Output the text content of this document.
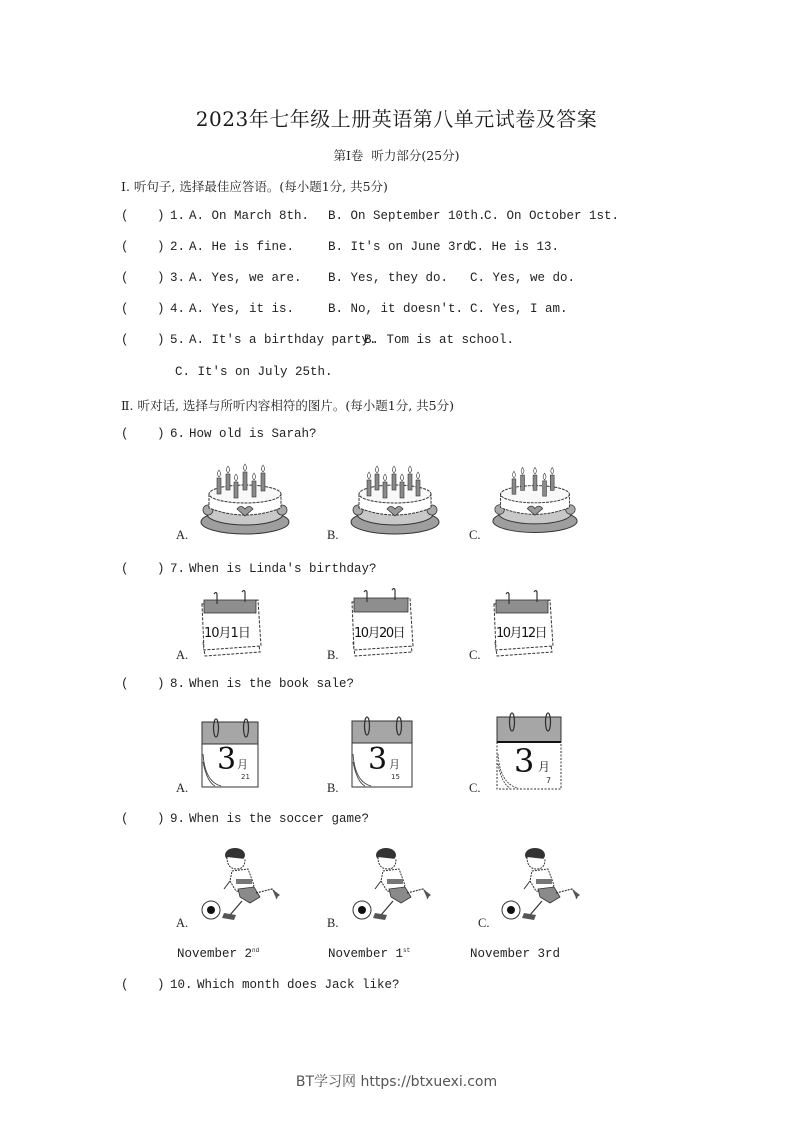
2023年七年级上册英语第八单元试卷及答案
第Ⅰ卷  听力部分(25分)
Ⅰ. 听句子, 选择最佳应答语。(每小题1分, 共5分)
( ) 1. A. On March 8th. B. On September 10th.
C. On October 1st.
( ) 2. A. He is fine.	B. It's on June 3rd.
C. He is 13.
( ) 3. A. Yes, we are. B. Yes, they do. C. Yes, we do.
( ) 4. A. Yes, it is.	B. No, it doesn't. C. Yes, I am.
( ) 5. A. It's a birthday party.
B. Tom is at school.
C. It's on July 25th.
Ⅱ. 听对话, 选择与所听内容相符的图片。(每小题1分, 共5分)
( ) 6. How old is Sarah?
A.	B.	C.
( ) 7. When is Linda's birthday?
A.
10月1日
B.
10月20日
C.
10月12日
( ) 8. When is the book sale?
A.
3 月
21
B.
3 月
15
C.
3 月
7
( ) 9. When is the soccer game?
A.	B.	C.
November 2nd	November 1st	November 3rd
( ) 10. Which month does Jack like?
BT学习网 https://btxuexi.com
